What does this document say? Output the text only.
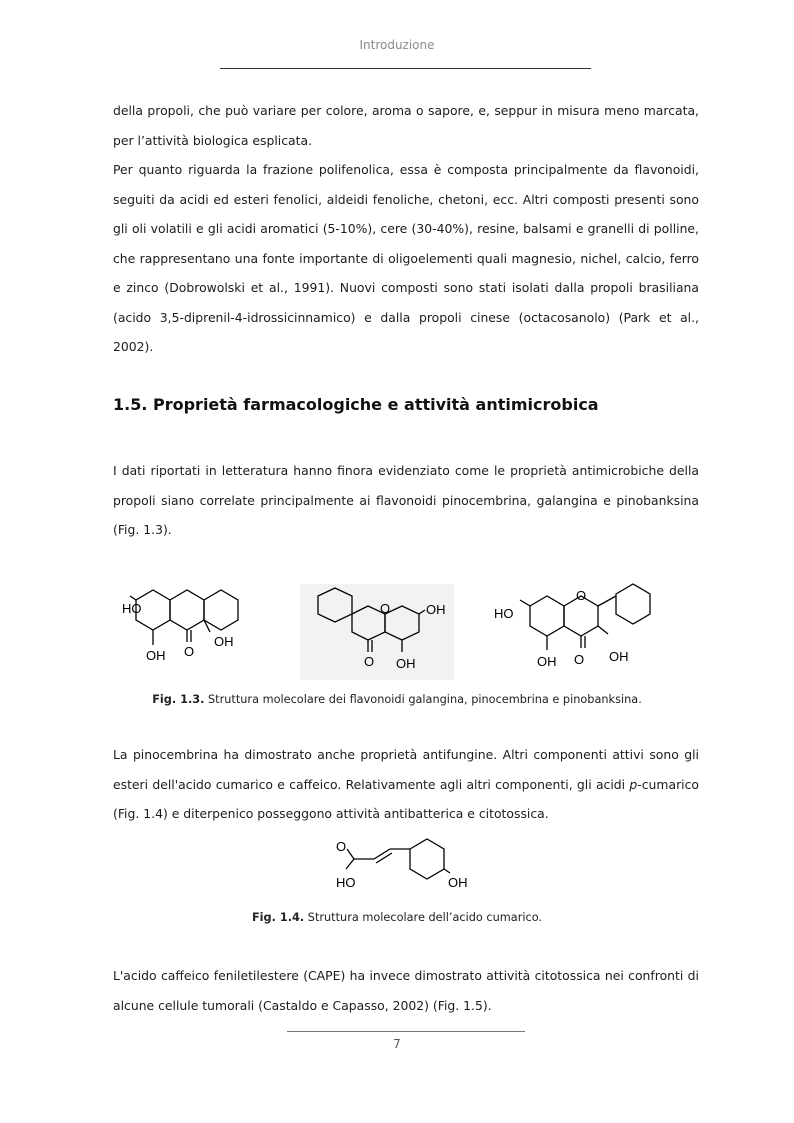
Introduzione
della propoli, che può variare per colore, aroma o sapore, e, seppur in misura meno marcata, per l’attività biologica esplicata.
Per quanto riguarda la frazione polifenolica, essa è composta principalmente da flavonoidi, seguiti da acidi ed esteri fenolici, aldeidi fenoliche, chetoni, ecc. Altri composti presenti sono gli oli volatili e gli acidi aromatici (5-10%), cere (30-40%), resine, balsami e granelli di polline, che rappresentano una fonte importante di oligoelementi quali magnesio, nichel, calcio, ferro e zinco (Dobrowolski et al., 1991). Nuovi composti sono stati isolati dalla propoli brasiliana (acido 3,5-diprenil-4-idrossicinnamico) e dalla propoli cinese (octacosanolo) (Park et al., 2002).
1.5. Proprietà farmacologiche e attività antimicrobica
I dati riportati in letteratura hanno finora evidenziato come le proprietà antimicrobiche della propoli siano correlate principalmente ai flavonoidi pinocembrina, galangina e pinobanksina (Fig. 1.3).
HO
OH
OH O
O
O
OH
OH
HO
O
OH
OH O
Fig. 1.3. Struttura molecolare dei flavonoidi galangina, pinocembrina e pinobanksina.
La pinocembrina ha dimostrato anche proprietà antifungine. Altri componenti attivi sono gli esteri dell'acido cumarico e caffeico. Relativamente agli altri componenti, gli acidi p-cumarico (Fig. 1.4) e diterpenico posseggono attività antibatterica e citotossica.
O
HO	OH
Fig. 1.4. Struttura molecolare dell’acido cumarico.
L'acido caffeico feniletilestere (CAPE) ha invece dimostrato attività citotossica nei confronti di alcune cellule tumorali (Castaldo e Capasso, 2002) (Fig. 1.5).
7
